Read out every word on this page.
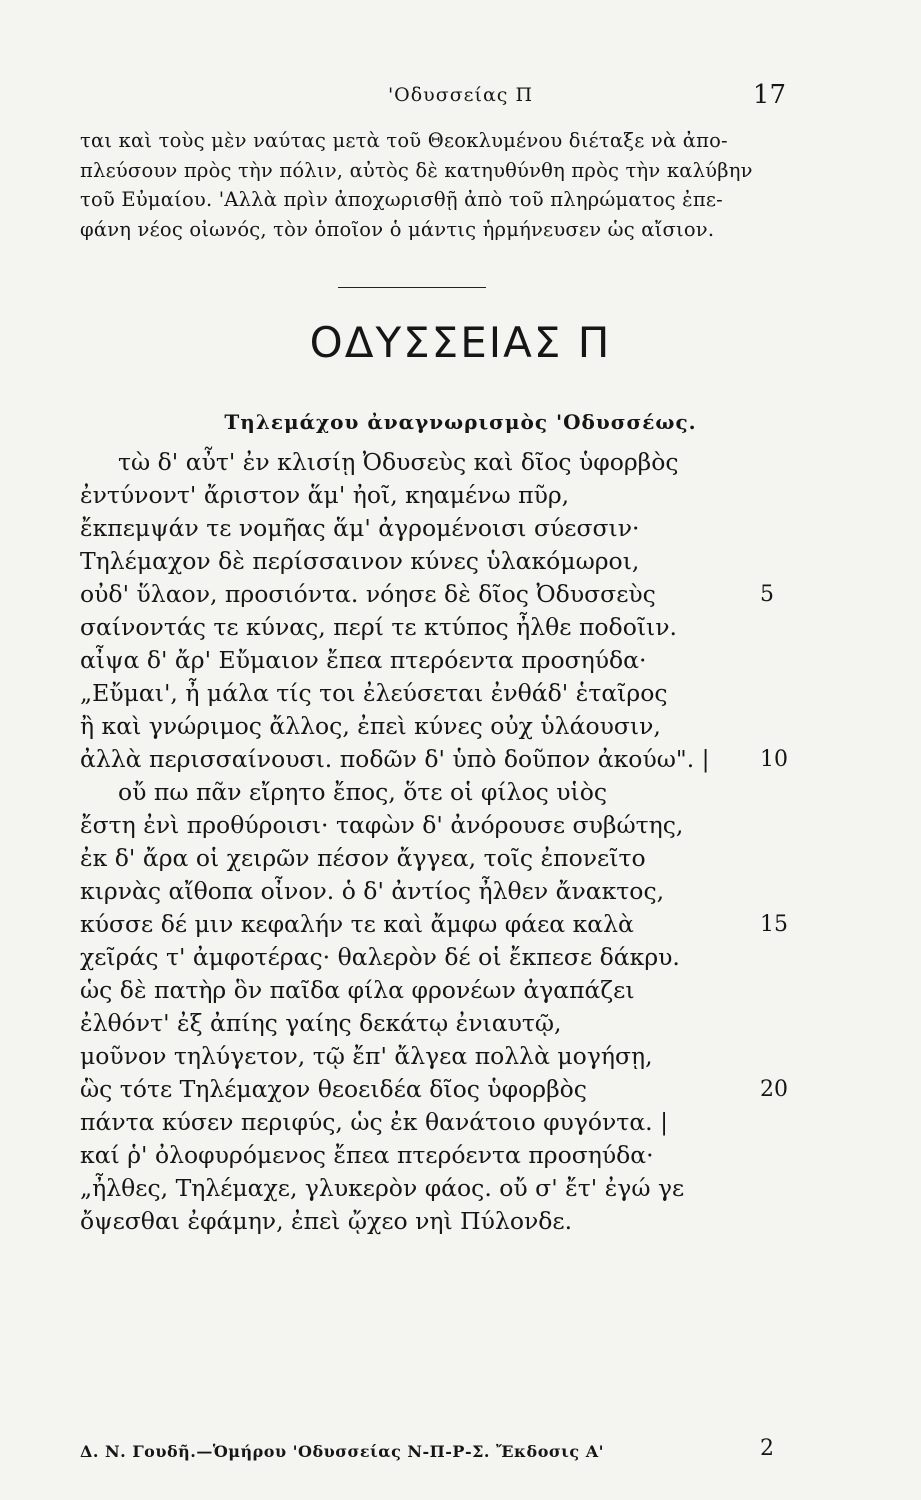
'Οδυσσείας Π	17
ται καὶ τοὺς μὲν ναύτας μετὰ τοῦ Θεοκλυμένου διέταξε νὰ ἀπο-
πλεύσουν πρὸς τὴν πόλιν, αὐτὸς δὲ κατηυθύνθη πρὸς τὴν καλύβην
τοῦ Εὐμαίου. 'Αλλὰ πρὶν ἀποχωρισθῇ ἀπὸ τοῦ πληρώματος ἐπε-
φάνη νέος οἰωνός, τὸν ὁποῖον ὁ μάντις ἡρμήνευσεν ὡς αἴσιον.
ΟΔΥΣΣΕΙΑΣ Π
Τηλεμάχου ἀναγνωρισμὸς 'Οδυσσέως.
τὼ δ' αὖτ' ἐν κλισίῃ Ὀδυσεὺς καὶ δῖος ὑφορβὸς
ἐντύνοντ' ἄριστον ἅμ' ἠοῖ, κηαμένω πῦρ,
ἔκπεμψάν τε νομῆας ἅμ' ἀγρομένοισι σύεσσιν·
Τηλέμαχον δὲ περίσσαινον κύνες ὑλακόμωροι,
οὐδ' ὕλαον, προσιόντα. νόησε δὲ δῖος Ὀδυσσεὺς	5
σαίνοντάς τε κύνας, περί τε κτύπος ἦλθε ποδοῖιν.
αἶψα δ' ἄρ' Εὔμαιον ἔπεα πτερόεντα προσηύδα·
„Εὔμαι', ἦ μάλα τίς τοι ἐλεύσεται ἐνθάδ' ἑταῖρος
ἢ καὶ γνώριμος ἄλλος, ἐπεὶ κύνες οὐχ ὑλάουσιν,
ἀλλὰ περισσαίνουσι. ποδῶν δ' ὑπὸ δοῦπον ἀκούω". | 10
οὔ πω πᾶν εἴρητο ἔπος, ὅτε οἱ φίλος υἱὸς
ἔστη ἐνὶ προθύροισι· ταφὼν δ' ἀνόρουσε συβώτης,
ἐκ δ' ἄρα οἱ χειρῶν πέσον ἄγγεα, τοῖς ἐπονεῖτο
κιρνὰς αἴθοπα οἶνον. ὁ δ' ἀντίος ἦλθεν ἄνακτος,
κύσσε δέ μιν κεφαλήν τε καὶ ἄμφω φάεα καλὰ	15
χεῖράς τ' ἀμφοτέρας· θαλερὸν δέ οἱ ἔκπεσε δάκρυ.
ὡς δὲ πατὴρ ὃν παῖδα φίλα φρονέων ἀγαπάζει
ἐλθόντ' ἐξ ἀπίης γαίης δεκάτῳ ἐνιαυτῷ,
μοῦνον τηλύγετον, τῷ ἔπ' ἄλγεα πολλὰ μογήσῃ,
ὣς τότε Τηλέμαχον θεοειδέα δῖος ὑφορβὸς	20
πάντα κύσεν περιφύς, ὡς ἐκ θανάτοιο φυγόντα. |
καί ῥ' ὀλοφυρόμενος ἔπεα πτερόεντα προσηύδα·
„ἦλθες, Τηλέμαχε, γλυκερὸν φάος. οὔ σ' ἔτ' ἐγώ γε
ὄψεσθαι ἐφάμην, ἐπεὶ ᾤχεο νηὶ Πύλονδε.
Δ. Ν. Γουδῆ.—Ὁμήρου 'Οδυσσείας Ν-Π-Ρ-Σ. Ἔκδοσις Α'	2
